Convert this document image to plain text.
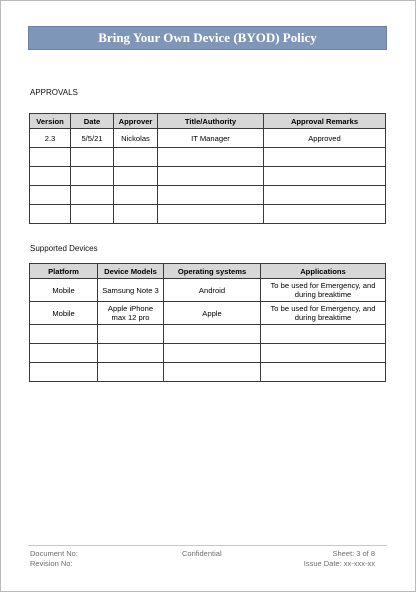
Bring Your Own Device (BYOD) Policy
APPROVALS
Version	Date	Approver	Title/Authority	Approval Remarks
2.3	5/5/21	Nickolas	IT Manager	Approved

Supported Devices
Platform	Device Models	Operating systems	Applications
Mobile	Samsung Note 3	Android	To be used for Emergency, and during breaktime
Mobile	Apple iPhone max 12 pro	Apple	To be used for Emergency, and during breaktime

Document No:
Revision No:
Confidential	Sheet: 3 of 8
Issue Date: xx-xxx-xx
